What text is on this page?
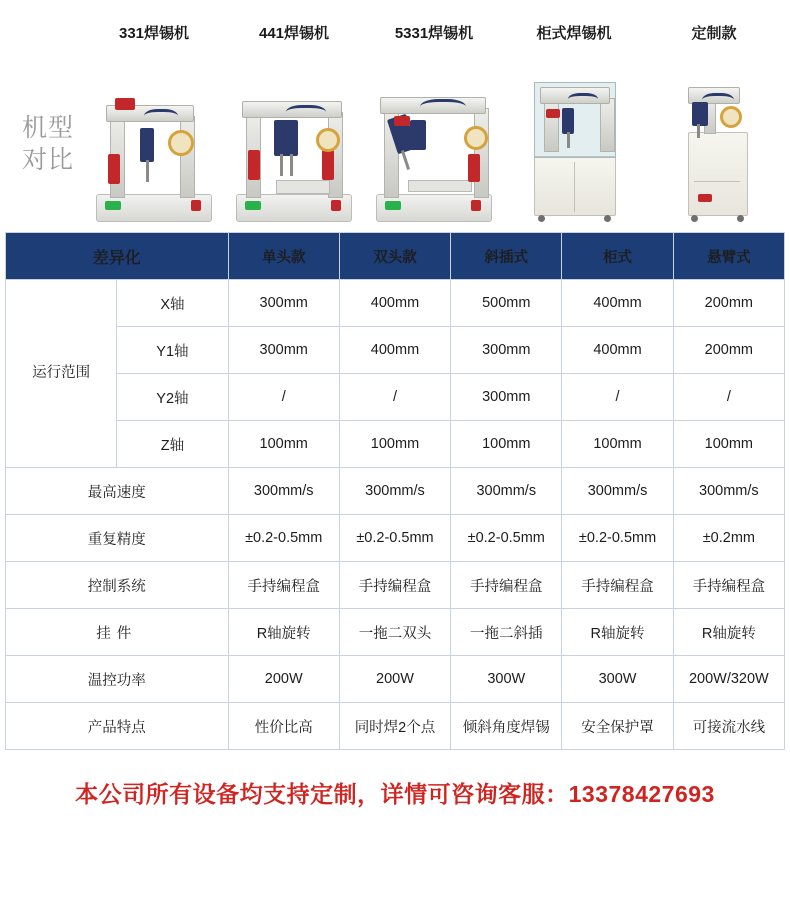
机型
对比
331焊锡机	441焊锡机	5331焊锡机	柜式焊锡机	定制款
差异化		单头款	双头款	斜插式	柜式	悬臂式
运行范围	X轴	300mm	400mm	500mm	400mm	200mm
	Y1轴	300mm	400mm	300mm	400mm	200mm
	Y2轴	/	/	300mm	/	/
	Z轴	100mm	100mm	100mm	100mm	100mm
最高速度		300mm/s	300mm/s	300mm/s	300mm/s	300mm/s
重复精度		±0.2-0.5mm	±0.2-0.5mm	±0.2-0.5mm	±0.2-0.5mm	±0.2mm
控制系统		手持编程盒	手持编程盒	手持编程盒	手持编程盒	手持编程盒
挂件		R轴旋转	一拖二双头	一拖二斜插	R轴旋转	R轴旋转
温控功率		200W	200W	300W	300W	200W/320W
产品特点		性价比高	同时焊2个点	倾斜角度焊锡	安全保护罩	可接流水线
本公司所有设备均支持定制，详情可咨询客服：13378427693
